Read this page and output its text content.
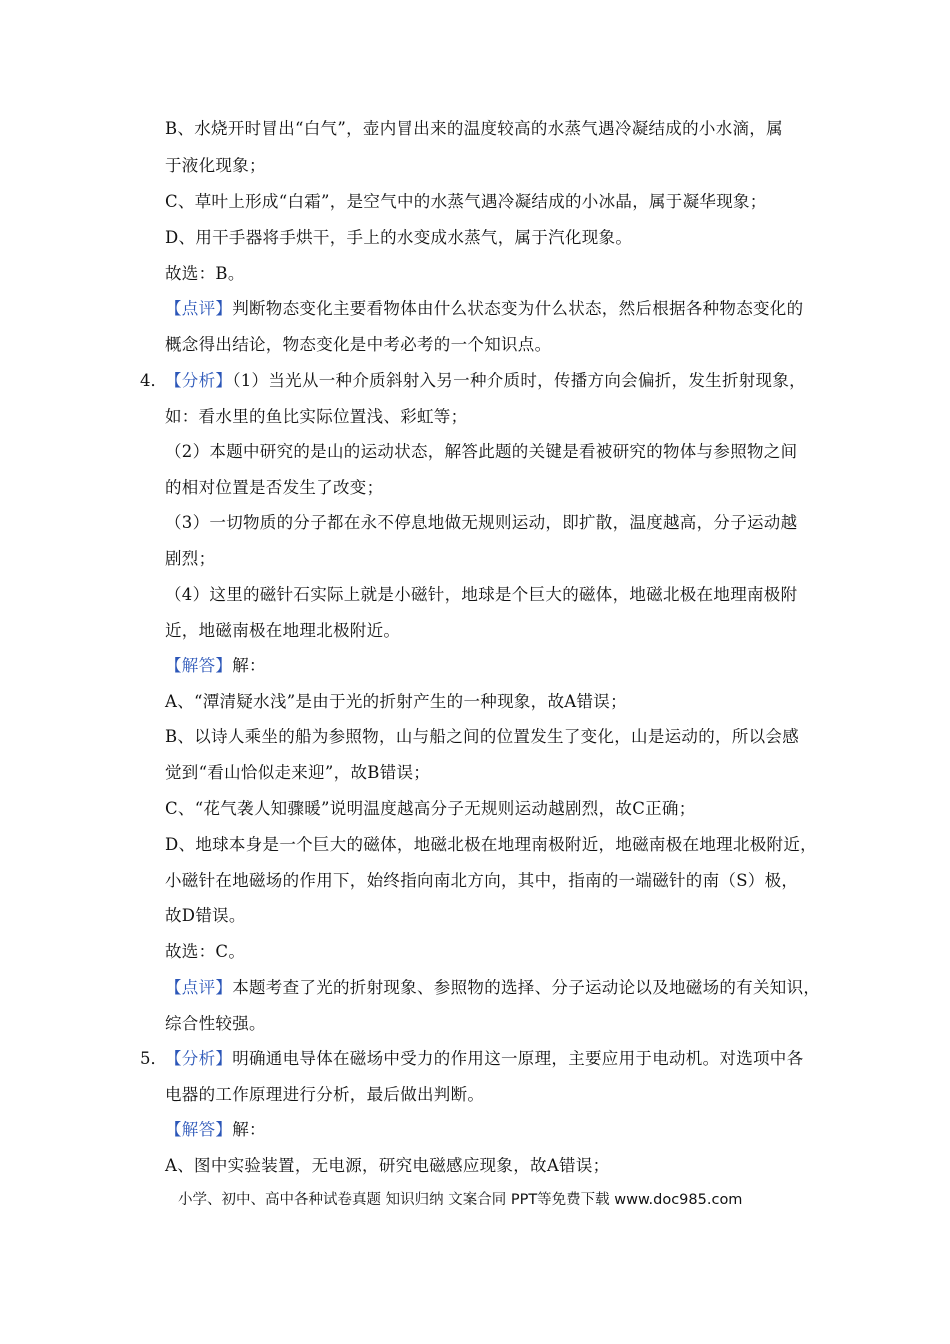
B、水烧开时冒出“白气”，壶内冒出来的温度较高的水蒸气遇冷凝结成的小水滴，属
于液化现象；
C、草叶上形成“白霜”，是空气中的水蒸气遇冷凝结成的小冰晶，属于凝华现象；
D、用干手器将手烘干，手上的水变成水蒸气，属于汽化现象。
故选：B。
【点评】判断物态变化主要看物体由什么状态变为什么状态，然后根据各种物态变化的
概念得出结论，物态变化是中考必考的一个知识点。
4．
【分析】（1）当光从一种介质斜射入另一种介质时，传播方向会偏折，发生折射现象，
如：看水里的鱼比实际位置浅、彩虹等；
（2）本题中研究的是山的运动状态，解答此题的关键是看被研究的物体与参照物之间
的相对位置是否发生了改变；
（3）一切物质的分子都在永不停息地做无规则运动，即扩散，温度越高，分子运动越
剧烈；
（4）这里的磁针石实际上就是小磁针，地球是个巨大的磁体，地磁北极在地理南极附
近，地磁南极在地理北极附近。
【解答】解：
A、“潭清疑水浅”是由于光的折射产生的一种现象，故A错误；
B、以诗人乘坐的船为参照物，山与船之间的位置发生了变化，山是运动的，所以会感
觉到“看山恰似走来迎”，故B错误；
C、“花气袭人知骤暖”说明温度越高分子无规则运动越剧烈，故C正确；
D、地球本身是一个巨大的磁体，地磁北极在地理南极附近，地磁南极在地理北极附近，
小磁针在地磁场的作用下，始终指向南北方向，其中，指南的一端磁针的南（S）极，
故D错误。
故选：C。
【点评】本题考查了光的折射现象、参照物的选择、分子运动论以及地磁场的有关知识，
综合性较强。
5．
【分析】明确通电导体在磁场中受力的作用这一原理，主要应用于电动机。对选项中各
电器的工作原理进行分析，最后做出判断。
【解答】解：
A、图中实验装置，无电源，研究电磁感应现象，故A错误；
小学、初中、高中各种试卷真题 知识归纳 文案合同 PPT等免费下载 www.doc985.com
